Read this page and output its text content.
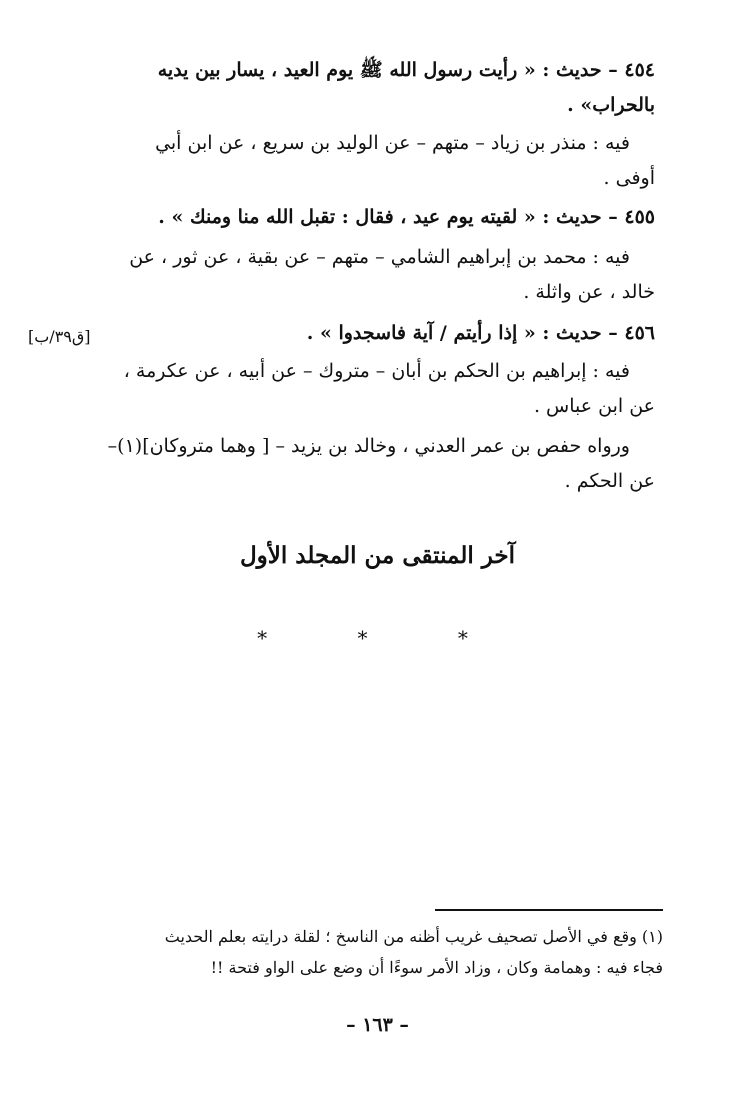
٤٥٤ – حديث : « رأيت رسول الله ﷺ يوم العيد ، يسار بين يديه
بالحراب» .
فيه : منذر بن زياد – متهم – عن الوليد بن سريع ، عن ابن أبي
أوفى .
٤٥٥ – حديث : « لقيته يوم عيد ، فقال : تقبل الله منا ومنك » .
فيه : محمد بن إبراهيم الشامي – متهم – عن بقية ، عن ثور ، عن
خالد ، عن واثلة .
٤٥٦ – حديث : « إذا رأيتم / آية فاسجدوا » .
[ق٣٩/ب]
فيه : إبراهيم بن الحكم بن أبان – متروك – عن أبيه ، عن عكرمة ،
عن ابن عباس .
ورواه حفص بن عمر العدني ، وخالد بن يزيد – [ وهما متروكان](١)–
عن الحكم .
آخر المنتقى من المجلد الأول
*	*	*
(١) وقع في الأصل تصحيف غريب أظنه من الناسخ ؛ لقلة درايته بعلم الحديث
فجاء فيه : وهمامة وكان ، وزاد الأمر سوءًا أن وضع على الواو فتحة !!
– ١٦٣ –
